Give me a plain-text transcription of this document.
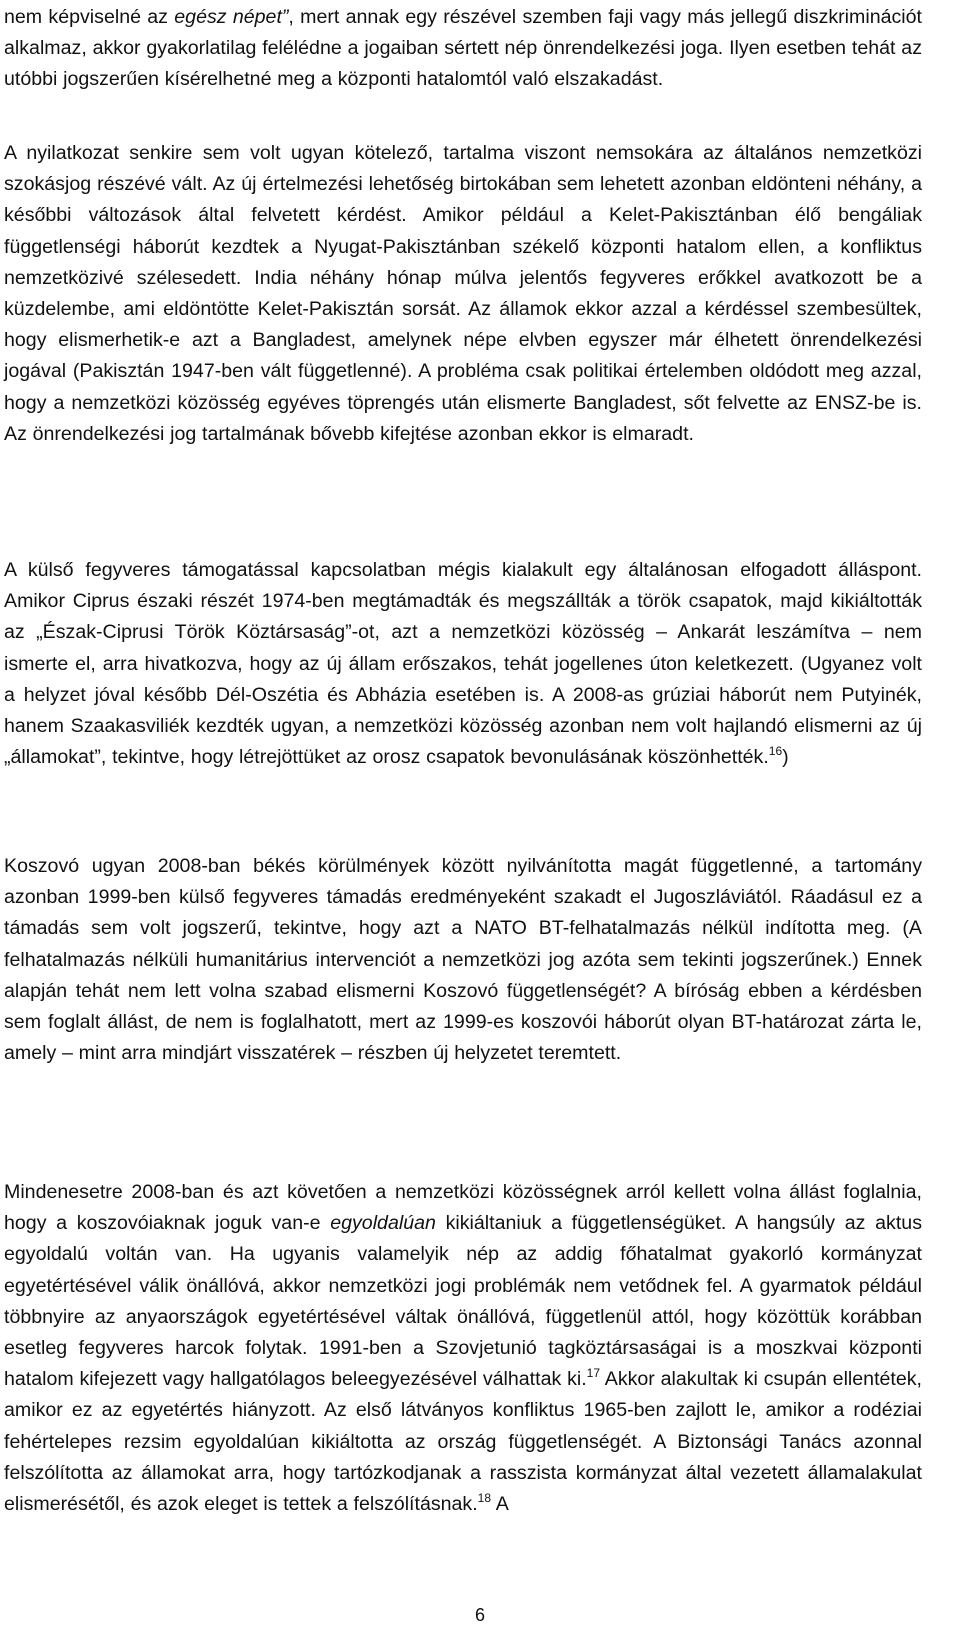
nem képviselné az egész népet”, mert annak egy részével szemben faji vagy más jellegű diszkriminációt alkalmaz, akkor gyakorlatilag felélédne a jogaiban sértett nép önrendelkezési joga. Ilyen esetben tehát az utóbbi jogszerűen kísérelhetné meg a központi hatalomtól való elszakadást.

A nyilatkozat senkire sem volt ugyan kötelező, tartalma viszont nemsokára az általános nemzetközi szokásjog részévé vált. Az új értelmezési lehetőség birtokában sem lehetett azonban eldönteni néhány, a későbbi változások által felvetett kérdést. Amikor például a Kelet-Pakisztánban élő bengáliak függetlenségi háborút kezdtek a Nyugat-Pakisztánban székelő központi hatalom ellen, a konfliktus nemzetközivé szélesedett. India néhány hónap múlva jelentős fegyveres erőkkel avatkozott be a küzdelembe, ami eldöntötte Kelet-Pakisztán sorsát. Az államok ekkor azzal a kérdéssel szembesültek, hogy elismerhetik-e azt a Bangladest, amelynek népe elvben egyszer már élhetett önrendelkezési jogával (Pakisztán 1947-ben vált függetlenné). A probléma csak politikai értelemben oldódott meg azzal, hogy a nemzetközi közösség egyéves töprengés után elismerte Bangladest, sőt felvette az ENSZ-be is. Az önrendelkezési jog tartalmának bővebb kifejtése azonban ekkor is elmaradt.

A külső fegyveres támogatással kapcsolatban mégis kialakult egy általánosan elfogadott álláspont. Amikor Ciprus északi részét 1974-ben megtámadták és megszállták a török csapatok, majd kikiáltották az „Észak-Ciprusi Török Köztársaság”-ot, azt a nemzetközi közösség – Ankarát leszámítva – nem ismerte el, arra hivatkozva, hogy az új állam erőszakos, tehát jogellenes úton keletkezett. (Ugyanez volt a helyzet jóval később Dél-Oszétia és Abházia esetében is. A 2008-as grúziai háborút nem Putyinék, hanem Szaakasviliék kezdték ugyan, a nemzetközi közösség azonban nem volt hajlandó elismerni az új „államokat”, tekintve, hogy létrejöttüket az orosz csapatok bevonulásának köszönhették.$^{16}$)

Koszovó ugyan 2008-ban békés körülmények között nyilvánította magát függetlenné, a tartomány azonban 1999-ben külső fegyveres támadás eredményeként szakadt el Jugoszláviától. Ráadásul ez a támadás sem volt jogszerű, tekintve, hogy azt a NATO BT-felhatalmazás nélkül indította meg. (A felhatalmazás nélküli humanitárius intervenciót a nemzetközi jog azóta sem tekinti jogszerűnek.) Ennek alapján tehát nem lett volna szabad elismerni Koszovó függetlenségét? A bíróság ebben a kérdésben sem foglalt állást, de nem is foglalhatott, mert az 1999-es koszovói háborút olyan BT-határozat zárta le, amely – mint arra mindjárt visszatérek – részben új helyzetet teremtett.

Mindenesetre 2008-ban és azt követően a nemzetközi közösségnek arról kellett volna állást foglalnia, hogy a koszovóiaknak joguk van-e egyoldalúan kikiáltaniuk a függetlenségüket. A hangsúly az aktus egyoldalú voltán van. Ha ugyanis valamelyik nép az addig főhatalmat gyakorló kormányzat egyetértésével válik önállóvá, akkor nemzetközi jogi problémák nem vetődnek fel. A gyarmatok például többnyire az anyaországok egyetértésével váltak önállóvá, függetlenül attól, hogy közöttük korábban esetleg fegyveres harcok folytak. 1991-ben a Szovjetunió tagköztársaságai is a moszkvai központi hatalom kifejezett vagy hallgatólagos beleegyezésével válhattak ki.$^{17}$ Akkor alakultak ki csupán ellentétek, amikor ez az egyetértés hiányzott. Az első látványos konfliktus 1965-ben zajlott le, amikor a rodéziai fehértelepes rezsim egyoldalúan kikiáltotta az ország függetlenségét. A Biztonsági Tanács azonnal felszólította az államokat arra, hogy tartózkodjanak a rasszista kormányzat által vezetett államalakulat elismerésétől, és azok eleget is tettek a felszólításnak.$^{18}$ A

6
